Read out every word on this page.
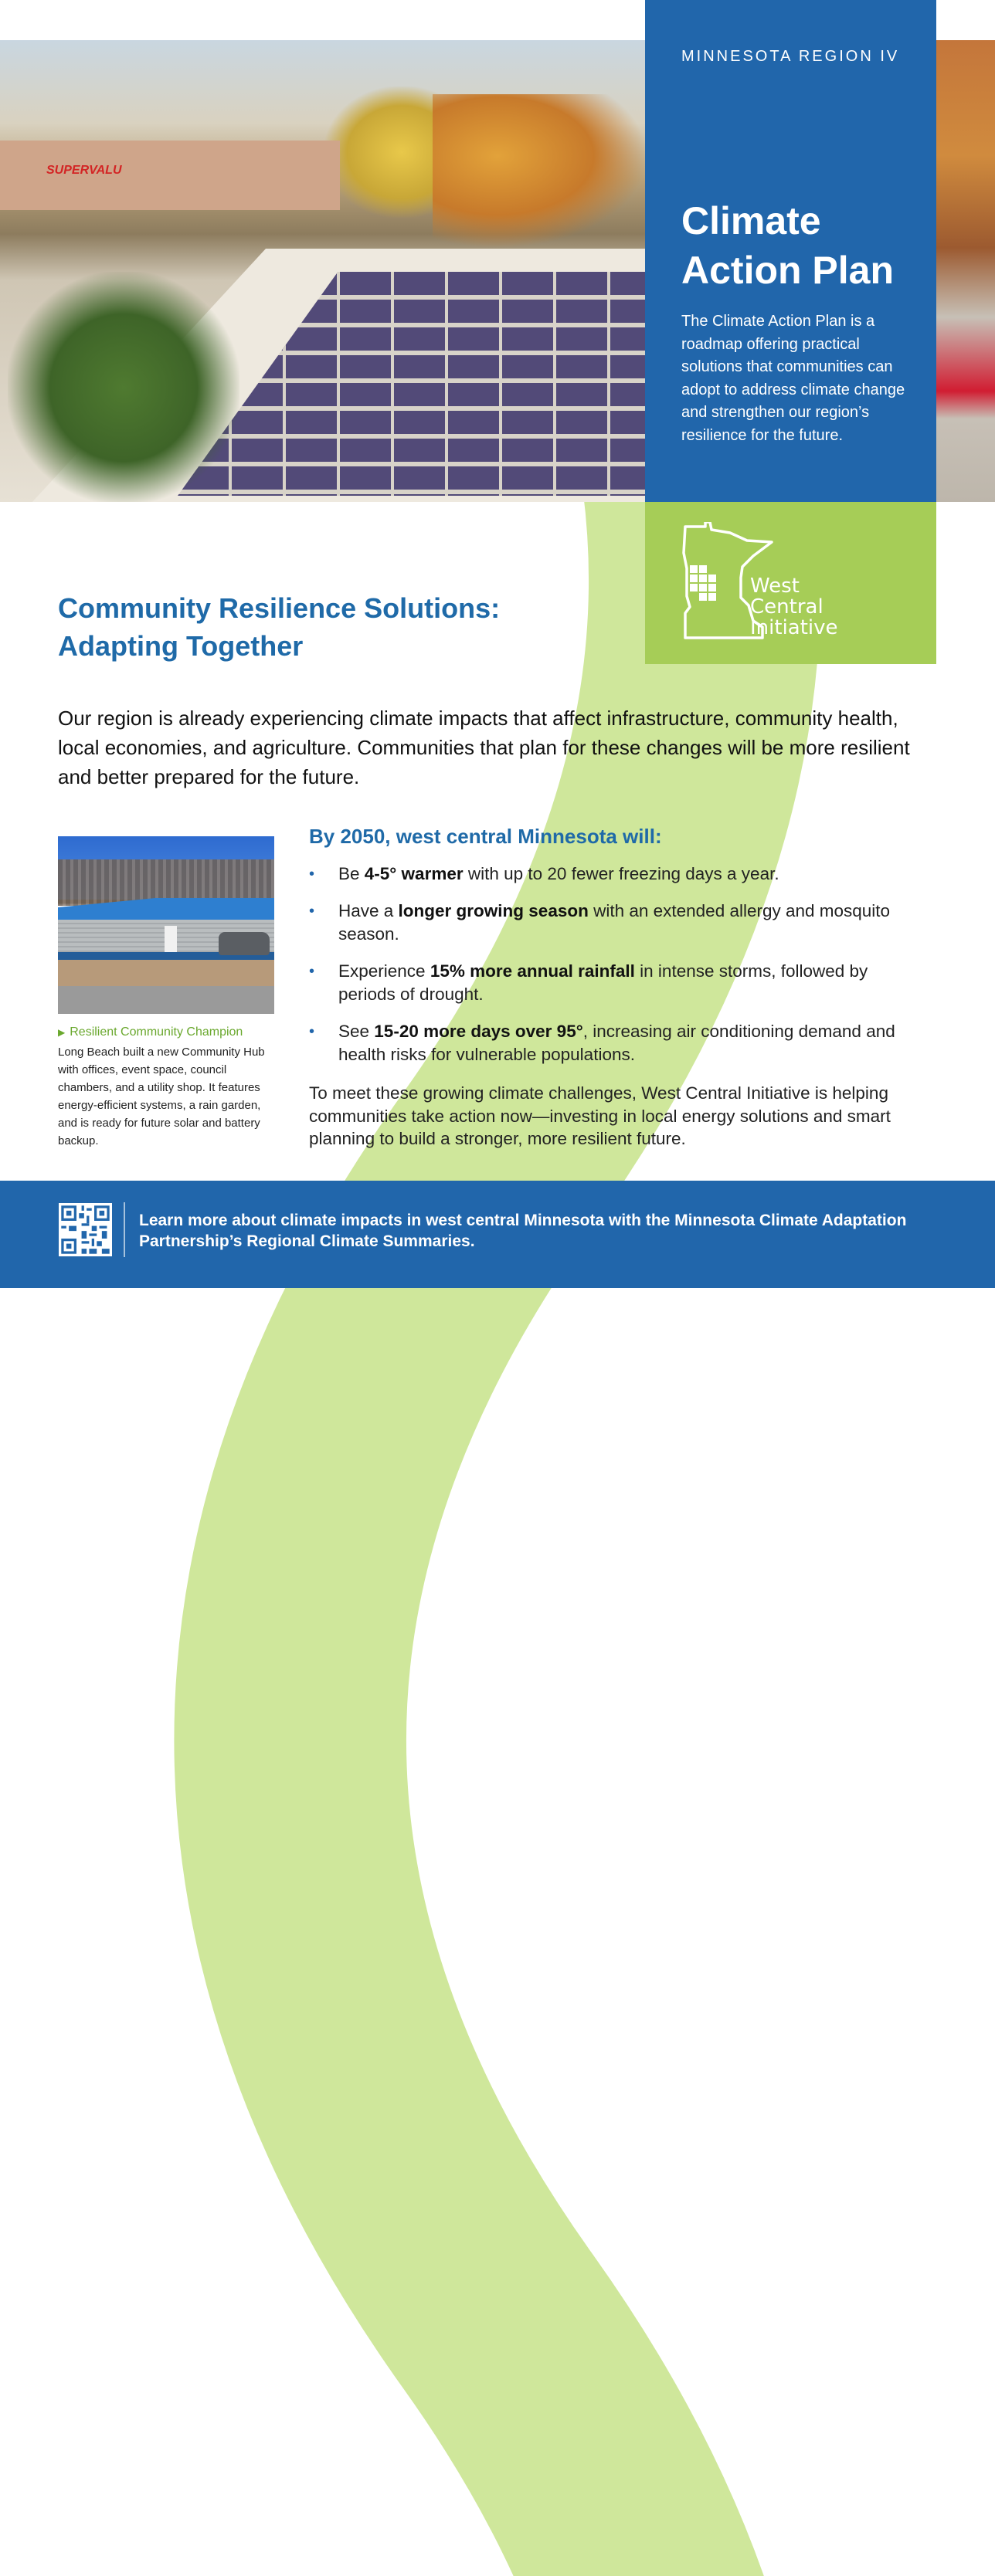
SUPERVALU

MINNESOTA REGION IV
Climate
Action Plan

The Climate Action Plan is a roadmap offering practical solutions that communities can adopt to address climate change and strengthen our region’s resilience for the future.

West Central
Initiative
Community Resilience Solutions:
Adapting Together

Our region is already experiencing climate impacts that affect infrastructure, community health, local economies, and agriculture. Communities that plan for these changes will be more resilient and better prepared for the future.

▶ Resilient Community Champion

Long Beach built a new Community Hub with offices, event space, council chambers, and a utility shop. It features energy-efficient systems, a rain garden, and is ready for future solar and battery backup.

By 2050, west central Minnesota will:
• Be 4-5° warmer with up to 20 fewer freezing days a year.
• Have a longer growing season with an extended allergy and mosquito season.
• Experience 15% more annual rainfall in intense storms, followed by periods of drought.
• See 15-20 more days over 95°, increasing air conditioning demand and health risks for vulnerable populations.

To meet these growing climate challenges, West Central Initiative is helping communities take action now—investing in local energy solutions and smart planning to build a stronger, more resilient future.

Learn more about climate impacts in west central Minnesota with the Minnesota Climate Adaptation Partnership’s Regional Climate Summaries.
